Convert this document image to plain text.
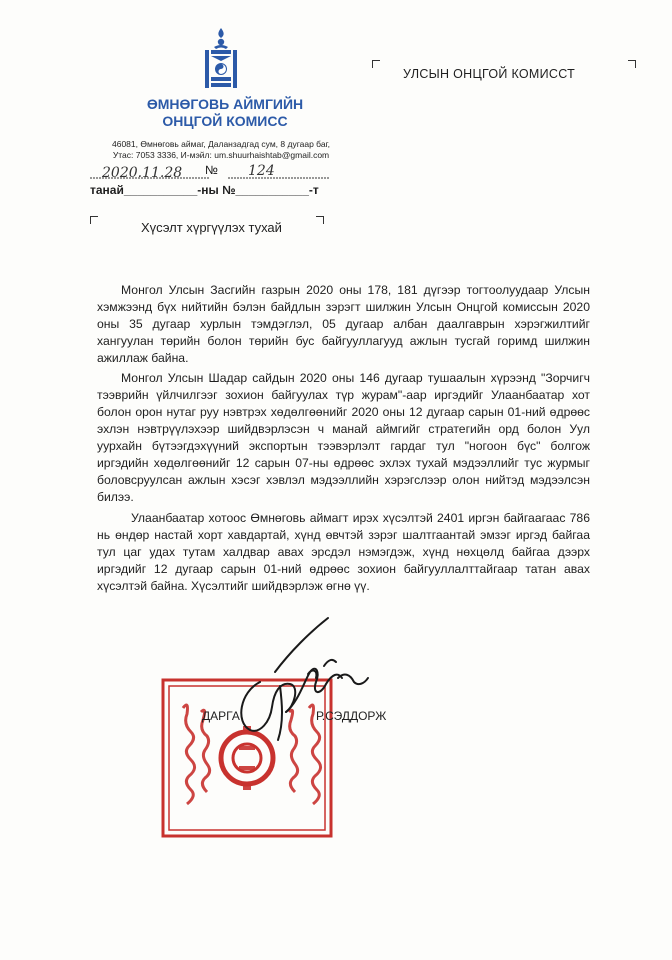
ӨМНӨГОВЬ АЙМГИЙН
ОНЦГОЙ КОМИСС
46081, Өмнөговь аймаг, Даланзадгад сум, 8 дугаар баг,
Утас: 7053 3336, И-мэйл: um.shuurhaishtab@gmail.com
2020.11.28 № 124
танай___________-ны №___________-т
УЛСЫН ОНЦГОЙ КОМИССТ
Хүсэлт хүргүүлэх тухай

Монгол Улсын Засгийн газрын 2020 оны 178, 181 дүгээр тогтоолуудаар Улсын хэмжээнд бүх нийтийн бэлэн байдлын зэрэгт шилжин Улсын Онцгой комиссын 2020 оны 35 дугаар хурлын тэмдэглэл, 05 дугаар албан даалгаврын хэрэгжилтийг хангуулан төрийн болон төрийн бус байгууллагууд ажлын тусгай горимд шилжин ажиллаж байна.

Монгол Улсын Шадар сайдын 2020 оны 146 дугаар тушаалын хүрээнд "Зорчигч тээврийн үйлчилгээг зохион байгуулах түр журам"-аар иргэдийг Улаанбаатар хот болон орон нутаг руу нэвтрэх хөдөлгөөнийг 2020 оны 12 дугаар сарын 01-ний өдрөөс эхлэн нэвтрүүлэхээр шийдвэрлэсэн ч манай аймгийг стратегийн орд болон Уул уурхайн бүтээгдэхүүний экспортын тээвэрлэлт гардаг тул "ногоон бүс" болгож иргэдийн хөдөлгөөнийг 12 сарын 07-ны өдрөөс эхлэх тухай мэдээллийг тус журмыг боловсруулсан ажлын хэсэг хэвлэл мэдээллийн хэрэгслээр олон нийтэд мэдээлсэн билээ.

Улаанбаатар хотоос Өмнөговь аймагт ирэх хүсэлтэй 2401 иргэн байгаагаас 786 нь өндөр настай хорт хавдартай, хүнд өвчтэй зэрэг шалтгаантай эмзэг иргэд байгаа тул цаг удах тутам халдвар авах эрсдэл нэмэгдэж, хүнд нөхцөлд байгаа дээрх иргэдийг 12 дугаар сарын 01-ний өдрөөс зохион байгууллалттайгаар татан авах хүсэлтэй байна. Хүсэлтийг шийдвэрлэж өгнө үү.

ДАРГА	Р.СЭДДОРЖ
